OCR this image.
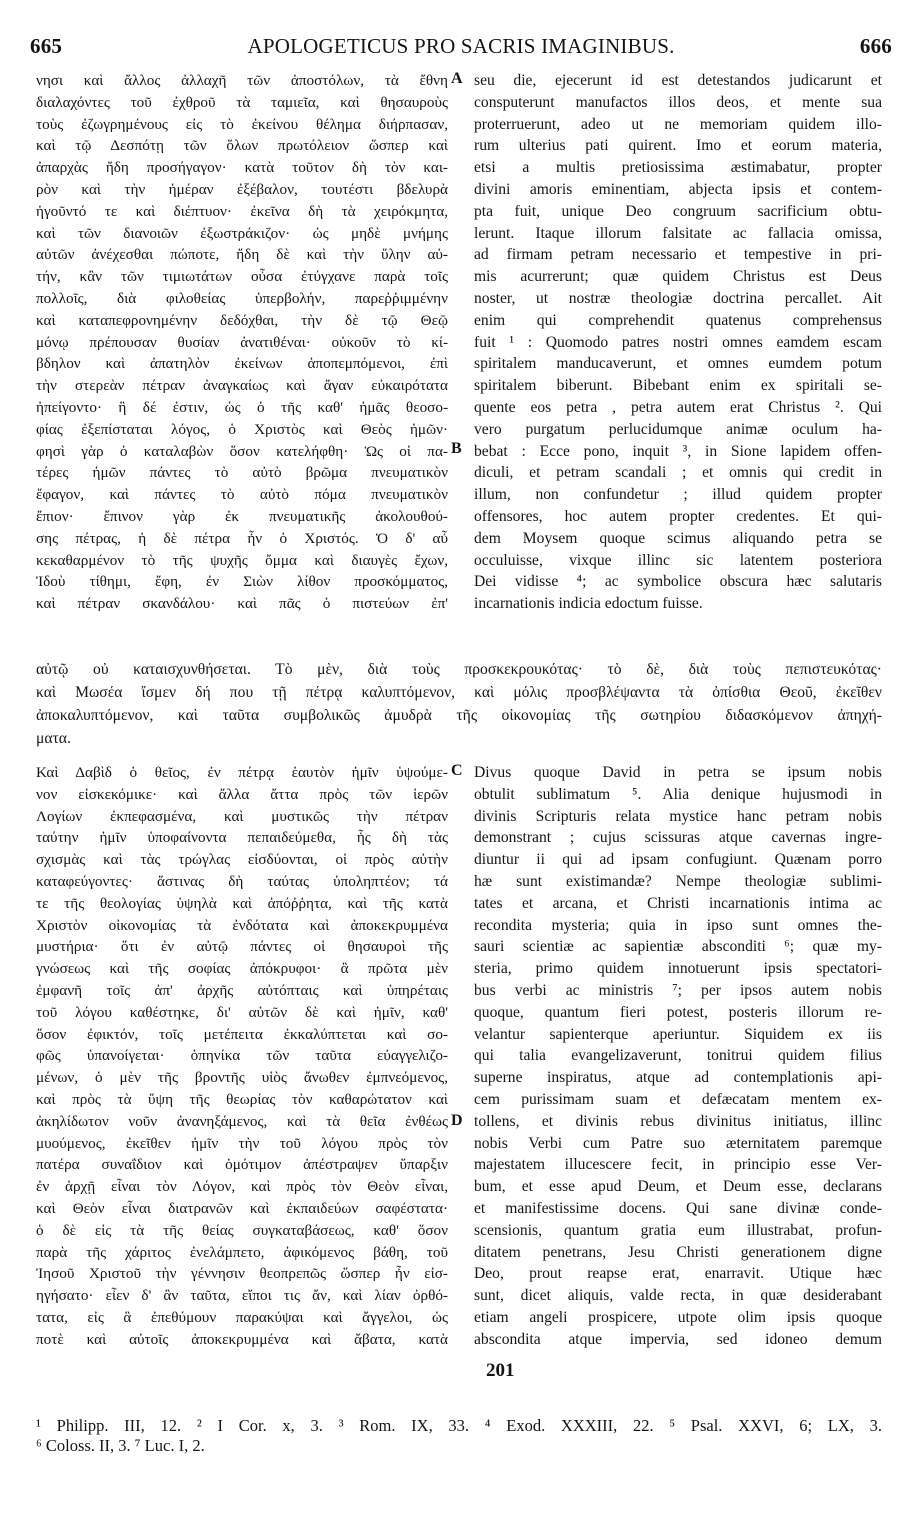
665	APOLOGETICUS PRO SACRIS IMAGINIBUS.	666

νησι καὶ ἄλλος ἀλλαχῆ τῶν ἀποστόλων, τὰ ἔθνη

διαλαχόντες τοῦ ἐχθροῦ τὰ ταμιεῖα, καὶ θησαυροὺς

τοὺς ἐζωγρημένους εἰς τὸ ἐκείνου θέλημα διήρπασαν,

καὶ τῷ Δεσπότῃ τῶν ὅλων πρωτόλειον ὥσπερ καὶ

ἀπαρχὰς ἤδη προσήγαγον· κατὰ τοῦτον δὴ τὸν και-

ρὸν καὶ τὴν ἡμέραν ἐξέβαλον, τουτέστι βδελυρὰ

ἡγοῦντό τε καὶ διέπτυον· ἐκεῖνα δὴ τὰ χειρόκμητα,

καὶ τῶν διανοιῶν ἐξωστράκιζον· ὡς μηδὲ μνήμης

αὐτῶν ἀνέχεσθαι πώποτε, ἤδη δὲ καὶ τὴν ὕλην αὐ-

τήν, κἂν τῶν τιμιωτάτων οὖσα ἐτύγχανε παρὰ τοῖς

πολλοῖς, διὰ φιλοθείας ὑπερβολήν, παρεῤῥιμμένην

καὶ καταπεφρονημένην δεδόχθαι, τὴν δὲ τῷ Θεῷ

μόνῳ πρέπουσαν θυσίαν ἀνατιθέναι· οὐκοῦν τὸ κί-

βδηλον καὶ ἀπατηλὸν ἐκείνων ἀποπεμπόμενοι, ἐπὶ

τὴν στερεὰν πέτραν ἀναγκαίως καὶ ἄγαν εὐκαιρότατα

ἠπείγοντο· ἣ δέ ἐστιν, ὡς ὁ τῆς καθ' ἡμᾶς θεοσο-

φίας ἐξεπίσταται λόγος, ὁ Χριστὸς καὶ Θεὸς ἡμῶν·

φησὶ γὰρ ὁ καταλαβὼν ὅσον κατελήφθη· Ὡς οἱ πα-

τέρες ἡμῶν πάντες τὸ αὐτὸ βρῶμα πνευματικὸν

ἔφαγον, καὶ πάντες τὸ αὐτὸ πόμα πνευματικὸν

ἔπιον· ἔπινον γὰρ ἐκ πνευματικῆς ἀκολουθού-

σης πέτρας, ἡ δὲ πέτρα ἦν ὁ Χριστός. Ὁ δ' αὖ

κεκαθαρμένον τὸ τῆς ψυχῆς ὄμμα καὶ διαυγὲς ἔχων,

Ἰδοὺ τίθημι, ἔφη, ἐν Σιὼν λίθον προσκόμματος,

καὶ πέτραν σκανδάλου· καὶ πᾶς ὁ πιστεύων ἐπ'

seu die, ejecerunt id est detestandos judicarunt et

consputerunt manufactos illos deos, et mente sua

proterruerunt, adeo ut ne memoriam quidem illo-

rum ulterius pati quirent. Imo et eorum materia,

etsi a multis pretiosissima æstimabatur, propter

divini amoris eminentiam, abjecta ipsis et contem-

pta fuit, unique Deo congruum sacrificium obtu-

lerunt. Itaque illorum falsitate ac fallacia omissa,

ad firmam petram necessario et tempestive in pri-

mis acurrerunt; quæ quidem Christus est Deus

noster, ut nostræ theologiæ doctrina percallet. Ait

enim qui comprehendit quatenus comprehensus

fuit ¹ : Quomodo patres nostri omnes eamdem escam

spiritalem manducaverunt, et omnes eumdem potum

spiritalem biberunt. Bibebant enim ex spiritali se-

quente eos petra , petra autem erat Christus ². Qui

vero purgatum perlucidumque animæ oculum ha-

bebat : Ecce pono, inquit ³, in Sione lapidem offen-

diculi, et petram scandali ; et omnis qui credit in

illum, non confundetur ; illud quidem propter

offensores, hoc autem propter credentes. Et qui-

dem Moysem quoque scimus aliquando petra se

occuluisse, vixque illinc sic latentem posteriora

Dei vidisse ⁴; ac symbolice obscura hæc salutaris

incarnationis indicia edoctum fuisse.

αὐτῷ οὐ καταισχυνθήσεται. Τὸ μὲν, διὰ τοὺς προσκεκρουκότας· τὸ δὲ, διὰ τοὺς πεπιστευκότας·

καὶ Μωσέα ἴσμεν δή που τῇ πέτρᾳ καλυπτόμενον, καὶ μόλις προσβλέψαντα τὰ ὀπίσθια Θεοῦ, ἐκεῖθεν

ἀποκαλυπτόμενον, καὶ ταῦτα συμβολικῶς ἀμυδρὰ τῆς οἰκονομίας τῆς σωτηρίου διδασκόμενον ἀπηχή-

ματα.

Καὶ Δαβὶδ ὁ θεῖος, ἐν πέτρᾳ ἑαυτὸν ἡμῖν ὑψούμε-

νον εἰσκεκόμικε· καὶ ἄλλα ἄττα πρὸς τῶν ἱερῶν

Λογίων ἐκπεφασμένα, καὶ μυστικῶς τὴν πέτραν

ταύτην ἡμῖν ὑποφαίνοντα πεπαιδεύμεθα, ἧς δὴ τὰς

σχισμὰς καὶ τὰς τρώγλας εἰσδύονται, οἱ πρὸς αὐτὴν

καταφεύγοντες· ἅστινας δὴ ταύτας ὑποληπτέον; τά

τε τῆς θεολογίας ὑψηλὰ καὶ ἀπόῤῥητα, καὶ τῆς κατὰ

Χριστὸν οἰκονομίας τὰ ἐνδότατα καὶ ἀποκεκρυμμένα

μυστήρια· ὅτι ἐν αὐτῷ πάντες οἱ θησαυροὶ τῆς

γνώσεως καὶ τῆς σοφίας ἀπόκρυφοι· ἃ πρῶτα μὲν

ἐμφανῆ τοῖς ἀπ' ἀρχῆς αὐτόπταις καὶ ὑπηρέταις

τοῦ λόγου καθέστηκε, δι' αὐτῶν δὲ καὶ ἡμῖν, καθ'

ὅσον ἐφικτόν, τοῖς μετέπειτα ἐκκαλύπτεται καὶ σο-

φῶς ὑπανοίγεται· ὁπηνίκα τῶν ταῦτα εὐαγγελιζο-

μένων, ὁ μὲν τῆς βροντῆς υἱὸς ἄνωθεν ἐμπνεόμενος,

καὶ πρὸς τὰ ὕψη τῆς θεωρίας τὸν καθαρώτατον καὶ

ἀκηλίδωτον νοῦν ἀνανηξάμενος, καὶ τὰ θεῖα ἐνθέως

μυούμενος, ἐκεῖθεν ἡμῖν τὴν τοῦ λόγου πρὸς τὸν

πατέρα συναΐδιον καὶ ὁμότιμον ἀπέστραψεν ὕπαρξιν

ἐν ἀρχῇ εἶναι τὸν Λόγον, καὶ πρὸς τὸν Θεὸν εἶναι,

καὶ Θεὸν εἶναι διατρανῶν καὶ ἐκπαιδεύων σαφέστατα·

ὁ δὲ εἰς τὰ τῆς θείας συγκαταβάσεως, καθ' ὅσον

παρὰ τῆς χάριτος ἐνελάμπετο, ἀφικόμενος βάθη, τοῦ

Ἰησοῦ Χριστοῦ τὴν γέννησιν θεοπρεπῶς ὥσπερ ἦν εἰσ-

ηγήσατο· εἶεν δ' ἂν ταῦτα, εἴποι τις ἄν, καὶ λίαν ὀρθό-

τατα, εἰς ἃ ἐπεθύμουν παρακύψαι καὶ ἄγγελοι, ὡς

ποτὲ καὶ αὐτοῖς ἀποκεκρυμμένα καὶ ἄβατα, κατὰ

Divus quoque David in petra se ipsum nobis

obtulit sublimatum ⁵. Alia denique hujusmodi in

divinis Scripturis relata mystice hanc petram nobis

demonstrant ; cujus scissuras atque cavernas ingre-

diuntur ii qui ad ipsam confugiunt. Quænam porro

hæ sunt existimandæ? Nempe theologiæ sublimi-

tates et arcana, et Christi incarnationis intima ac

recondita mysteria; quia in ipso sunt omnes the-

sauri scientiæ ac sapientiæ absconditi ⁶; quæ my-

steria, primo quidem innotuerunt ipsis spectatori-

bus verbi ac ministris ⁷; per ipsos autem nobis

quoque, quantum fieri potest, posteris illorum re-

velantur sapienterque aperiuntur. Siquidem ex iis

qui talia evangelizaverunt, tonitrui quidem filius

superne inspiratus, atque ad contemplationis api-

cem purissimam suam et defæcatam mentem ex-

tollens, et divinis rebus divinitus initiatus, illinc

nobis Verbi cum Patre suo æternitatem paremque

majestatem illucescere fecit, in principio esse Ver-

bum, et esse apud Deum, et Deum esse, declarans

et manifestissime docens. Qui sane divinæ conde-

scensionis, quantum gratia eum illustrabat, profun-

ditatem penetrans, Jesu Christi generationem digne

Deo, prout reapse erat, enarravit. Utique hæc

sunt, dicet aliquis, valde recta, in quæ desiderabant

etiam angeli prospicere, utpote olim ipsis quoque

abscondita atque impervia, sed idoneo demum

A
B
C
D
201

¹ Philipp. III, 12. ² I Cor. x, 3. ³ Rom. IX, 33. ⁴ Exod. XXXIII, 22. ⁵ Psal. XXVI, 6; LX, 3.

⁶ Coloss. II, 3. ⁷ Luc. I, 2.
